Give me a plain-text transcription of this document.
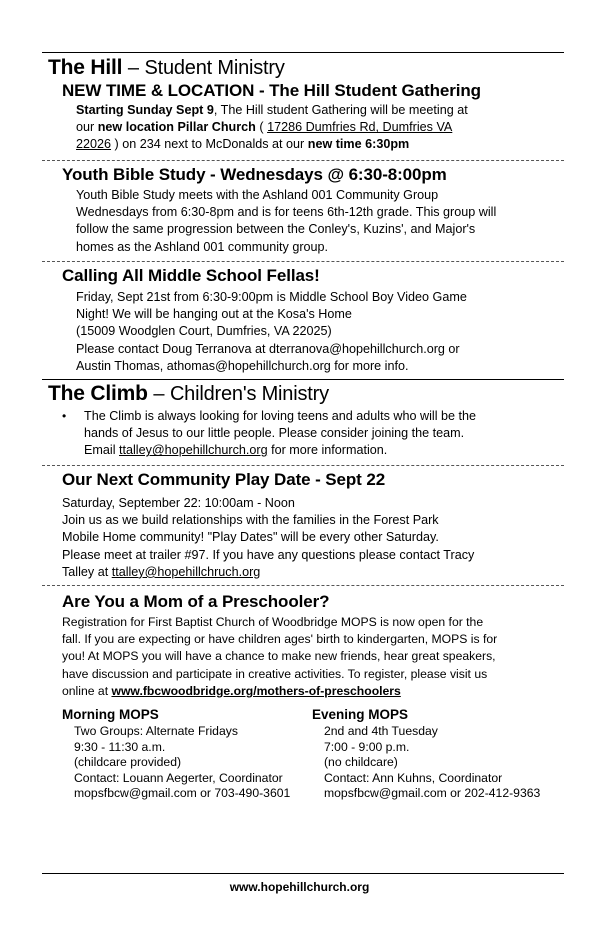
The Hill – Student Ministry
NEW TIME & LOCATION - The Hill Student Gathering

Starting Sunday Sept 9, The Hill student Gathering will be meeting at

our new location Pillar Church ( 17286 Dumfries Rd, Dumfries VA

22026 ) on 234 next to McDonalds at our new time 6:30pm

Youth Bible Study - Wednesdays @ 6:30-8:00pm

Youth Bible Study meets with the Ashland 001 Community Group

Wednesdays from 6:30-8pm and is for teens 6th-12th grade. This group will

follow the same progression between the Conley's, Kuzins', and Major's

homes as the Ashland 001 community group.

Calling All Middle School Fellas!

Friday, Sept 21st from 6:30-9:00pm is Middle School Boy Video Game

Night! We will be hanging out at the Kosa's Home

(15009 Woodglen Court, Dumfries, VA 22025)

Please contact Doug Terranova at dterranova@hopehillchurch.org or

Austin Thomas, athomas@hopehillchurch.org for more info.

The Climb – Children's Ministry
• The Climb is always looking for loving teens and adults who will be the

hands of Jesus to our little people. Please consider joining the team.

Email ttalley@hopehillchurch.org for more information.

Our Next Community Play Date - Sept 22

Saturday, September 22: 10:00am - Noon

Join us as we build relationships with the families in the Forest Park

Mobile Home community! "Play Dates" will be every other Saturday.

Please meet at trailer #97. If you have any questions please contact Tracy

Talley at ttalley@hopehillchruch.org

Are You a Mom of a Preschooler?

Registration for First Baptist Church of Woodbridge MOPS is now open for the

fall. If you are expecting or have children ages' birth to kindergarten, MOPS is for

you! At MOPS you will have a chance to make new friends, hear great speakers,

have discussion and participate in creative activities. To register, please visit us

online at www.fbcwoodbridge.org/mothers-of-preschoolers

Morning MOPS
Two Groups: Alternate Fridays
9:30 - 11:30 a.m.
(childcare provided)
Contact: Louann Aegerter, Coordinator
mopsfbcw@gmail.com or 703-490-3601
Evening MOPS
2nd and 4th Tuesday
7:00 - 9:00 p.m.
(no childcare)
Contact: Ann Kuhns, Coordinator
mopsfbcw@gmail.com or 202-412-9363
www.hopehillchurch.org
